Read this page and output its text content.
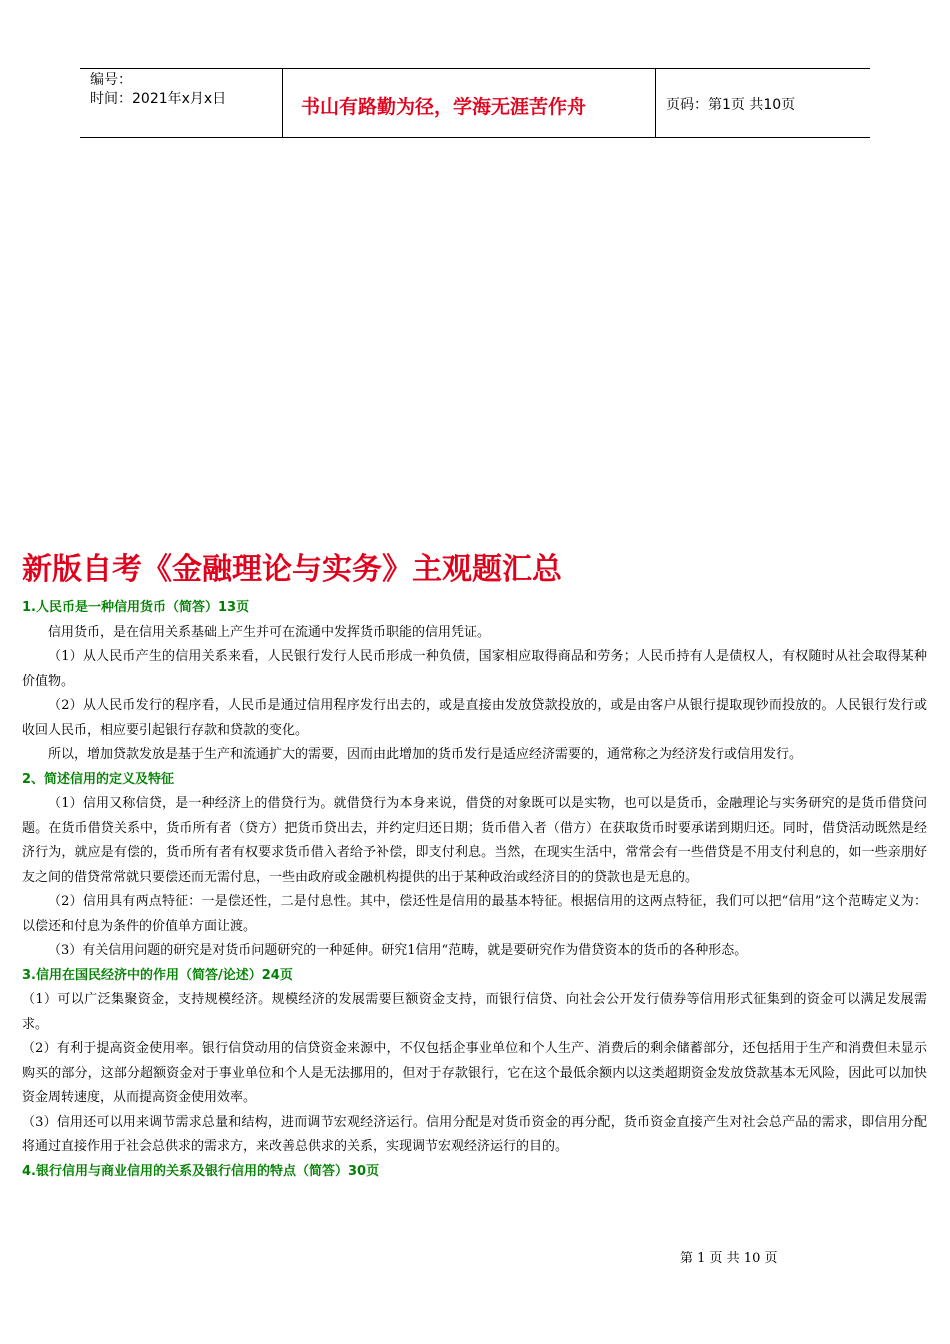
编号：
时间：2021年x月x日	书山有路勤为径，学海无涯苦作舟	页码：第1页 共10页
新版自考《金融理论与实务》主观题汇总
1.人民币是一种信用货币（简答）13页

信用货币，是在信用关系基础上产生并可在流通中发挥货币职能的信用凭证。

（1）从人民币产生的信用关系来看，人民银行发行人民币形成一种负债，国家相应取得商品和劳务；人民币持有人是债权人，有权随时从社会取得某种价值物。

（2）从人民币发行的程序看，人民币是通过信用程序发行出去的，或是直接由发放贷款投放的，或是由客户从银行提取现钞而投放的。人民银行发行或收回人民币，相应要引起银行存款和贷款的变化。

所以，增加贷款发放是基于生产和流通扩大的需要，因而由此增加的货币发行是适应经济需要的，通常称之为经济发行或信用发行。

2、简述信用的定义及特征

（1）信用又称信贷，是一种经济上的借贷行为。就借贷行为本身来说，借贷的对象既可以是实物，也可以是货币，金融理论与实务研究的是货币借贷问题。在货币借贷关系中，货币所有者（贷方）把货币贷出去，并约定归还日期；货币借入者（借方）在获取货币时要承诺到期归还。同时，借贷活动既然是经济行为，就应是有偿的，货币所有者有权要求货币借入者给予补偿，即支付利息。当然，在现实生活中，常常会有一些借贷是不用支付利息的，如一些亲朋好友之间的借贷常常就只要偿还而无需付息，一些由政府或金融机构提供的出于某种政治或经济目的的贷款也是无息的。

（2）信用具有两点特征：一是偿还性，二是付息性。其中，偿还性是信用的最基本特征。根据信用的这两点特征，我们可以把“信用”这个范畴定义为：以偿还和付息为条件的价值单方面让渡。

（3）有关信用问题的研究是对货币问题研究的一种延伸。研究1信用“范畴，就是要研究作为借贷资本的货币的各种形态。

3.信用在国民经济中的作用（简答/论述）24页

（1）可以广泛集聚资金，支持规模经济。规模经济的发展需要巨额资金支持，而银行信贷、向社会公开发行债券等信用形式征集到的资金可以满足发展需求。

（2）有利于提高资金使用率。银行信贷动用的信贷资金来源中，不仅包括企事业单位和个人生产、消费后的剩余储蓄部分，还包括用于生产和消费但未显示购买的部分，这部分超额资金对于事业单位和个人是无法挪用的，但对于存款银行，它在这个最低余额内以这类超期资金发放贷款基本无风险，因此可以加快资金周转速度，从而提高资金使用效率。

（3）信用还可以用来调节需求总量和结构，进而调节宏观经济运行。信用分配是对货币资金的再分配，货币资金直接产生对社会总产品的需求，即信用分配将通过直接作用于社会总供求的需求方，来改善总供求的关系，实现调节宏观经济运行的目的。

4.银行信用与商业信用的关系及银行信用的特点（简答）30页
第 1 页 共 10 页
